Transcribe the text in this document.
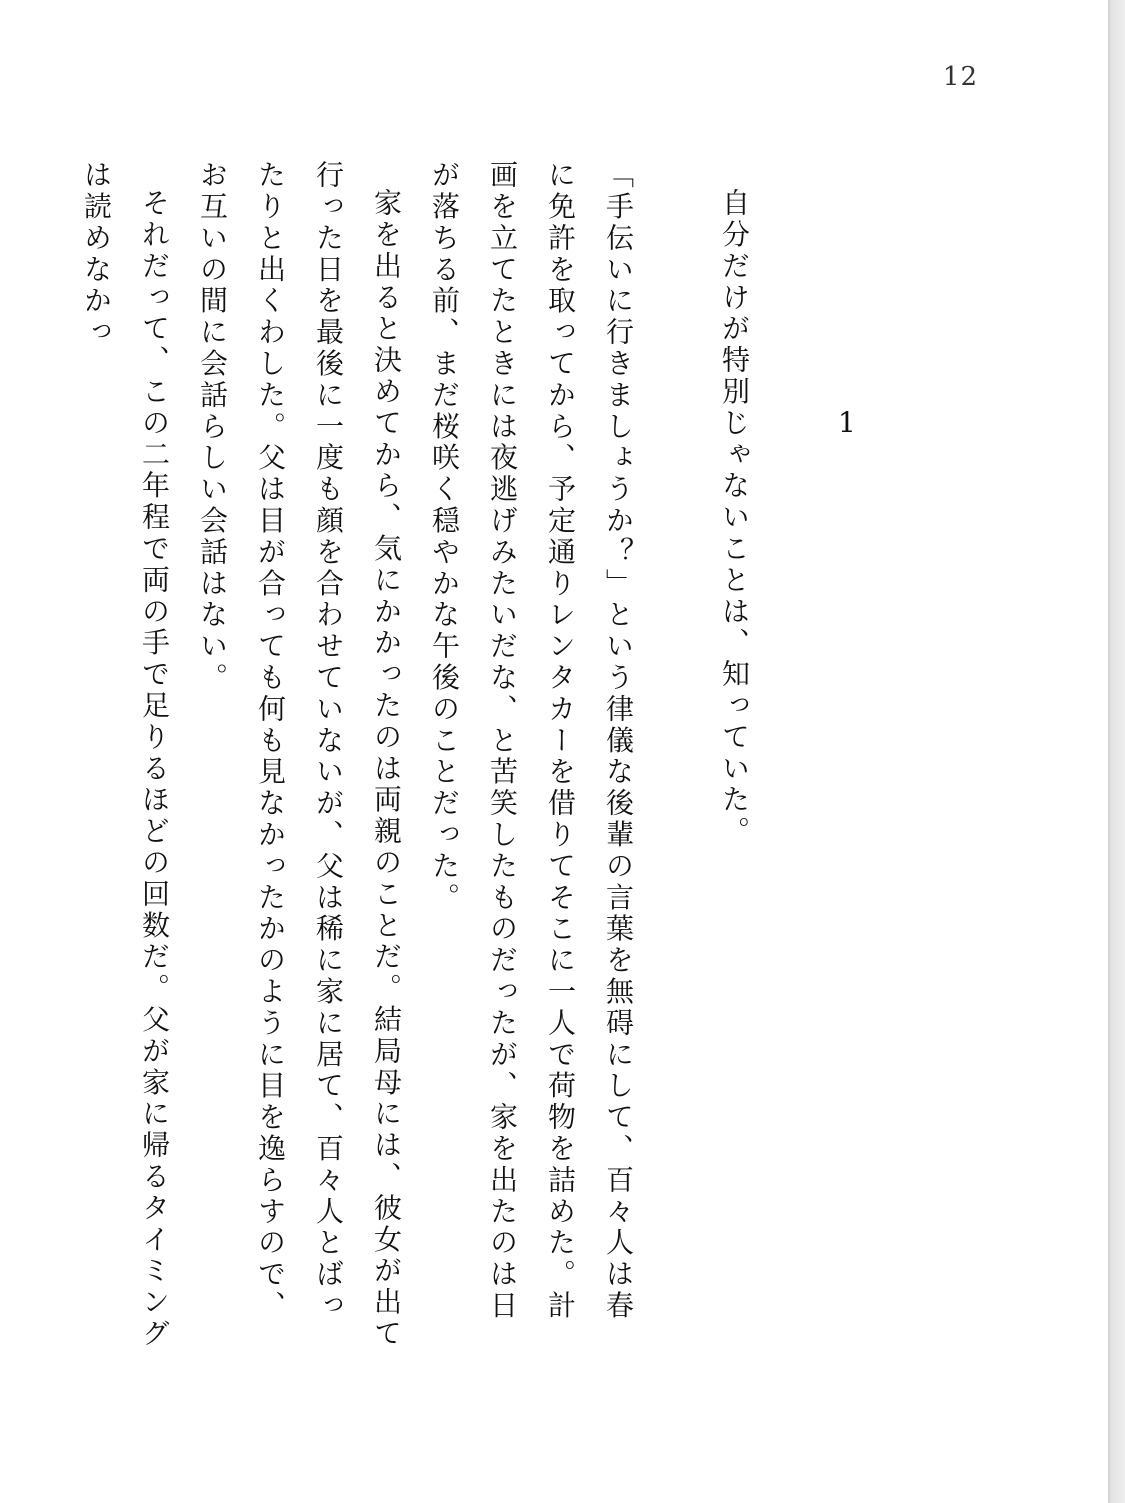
12
1

自分だけが特別じゃないことは、知っていた。

「手伝いに行きましょうか？」という律儀な後輩の言葉を無碍にして、百々人は春に免許を取ってから、予定通りレンタカーを借りてそこに一人で荷物を詰めた。計画を立てたときには夜逃げみたいだな、と苦笑したものだったが、家を出たのは日が落ちる前、まだ桜咲く穏やかな午後のことだった。

家を出ると決めてから、気にかかったのは両親のことだ。結局母には、彼女が出て行った日を最後に一度も顔を合わせていないが、父は稀に家に居て、百々人とばったりと出くわした。父は目が合っても何も見なかったかのように目を逸らすので、お互いの間に会話らしい会話はない。

それだって、この二年程で両の手で足りるほどの回数だ。父が家に帰るタイミングは読めなかっ
